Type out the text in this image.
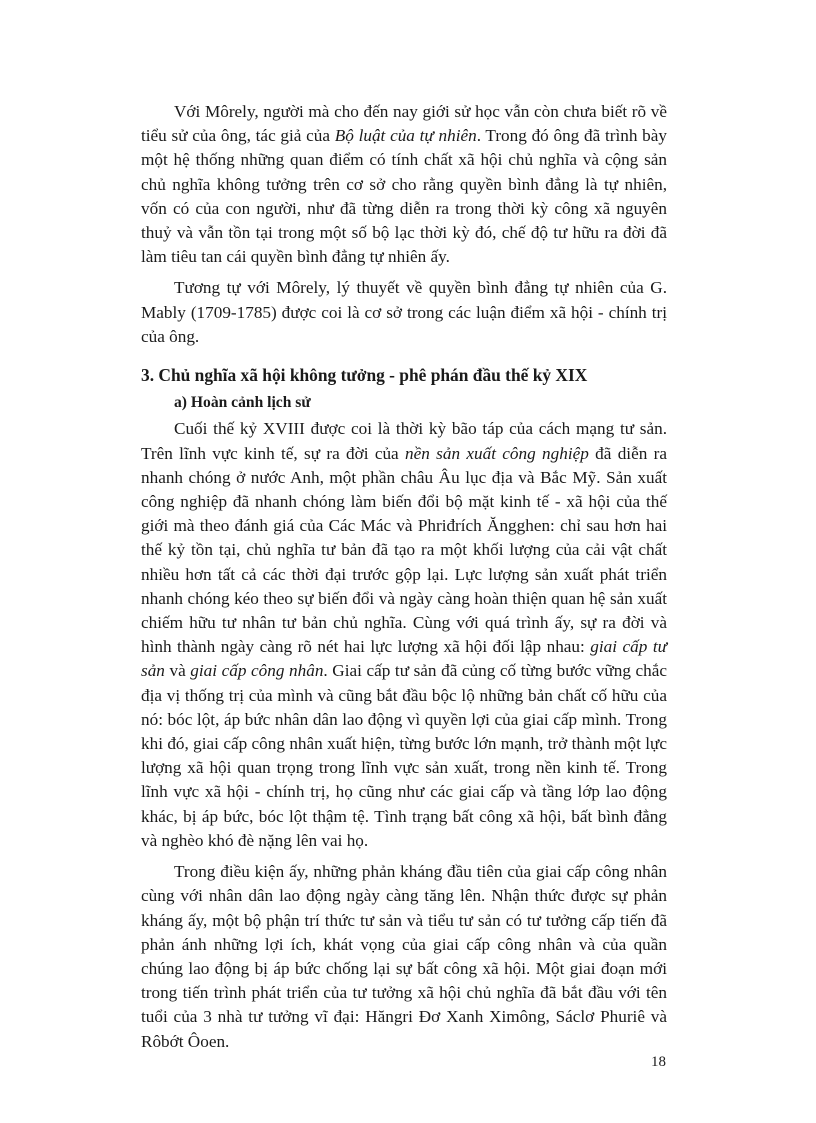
Với Môrely, người mà cho đến nay giới sử học vẫn còn chưa biết rõ về tiểu sử của ông, tác giả của Bộ luật của tự nhiên. Trong đó ông đã trình bày một hệ thống những quan điểm có tính chất xã hội chủ nghĩa và cộng sản chủ nghĩa không tưởng trên cơ sở cho rằng quyền bình đẳng là tự nhiên, vốn có của con người, như đã từng diễn ra trong thời kỳ công xã nguyên thuỷ và vẫn tồn tại trong một số bộ lạc thời kỳ đó, chế độ tư hữu ra đời đã làm tiêu tan cái quyền bình đẳng tự nhiên ấy.

Tương tự với Môrely, lý thuyết về quyền bình đẳng tự nhiên của G. Mably (1709-1785) được coi là cơ sở trong các luận điểm xã hội - chính trị của ông.

3. Chủ nghĩa xã hội không tưởng - phê phán đầu thế kỷ XIX

a) Hoàn cảnh lịch sử

Cuối thế kỷ XVIII được coi là thời kỳ bão táp của cách mạng tư sản. Trên lĩnh vực kinh tế, sự ra đời của nền sản xuất công nghiệp đã diễn ra nhanh chóng ở nước Anh, một phần châu Âu lục địa và Bắc Mỹ. Sản xuất công nghiệp đã nhanh chóng làm biến đổi bộ mặt kinh tế - xã hội của thế giới mà theo đánh giá của Các Mác và Phriđrích Ăngghen: chỉ sau hơn hai thế kỷ tồn tại, chủ nghĩa tư bản đã tạo ra một khối lượng của cải vật chất nhiều hơn tất cả các thời đại trước gộp lại. Lực lượng sản xuất phát triển nhanh chóng kéo theo sự biến đổi và ngày càng hoàn thiện quan hệ sản xuất chiếm hữu tư nhân tư bản chủ nghĩa. Cùng với quá trình ấy, sự ra đời và hình thành ngày càng rõ nét hai lực lượng xã hội đối lập nhau: giai cấp tư sản và giai cấp công nhân. Giai cấp tư sản đã củng cố từng bước vững chắc địa vị thống trị của mình và cũng bắt đầu bộc lộ những bản chất cố hữu của nó: bóc lột, áp bức nhân dân lao động vì quyền lợi của giai cấp mình. Trong khi đó, giai cấp công nhân xuất hiện, từng bước lớn mạnh, trở thành một lực lượng xã hội quan trọng trong lĩnh vực sản xuất, trong nền kinh tế. Trong lĩnh vực xã hội - chính trị, họ cũng như các giai cấp và tầng lớp lao động khác, bị áp bức, bóc lột thậm tệ. Tình trạng bất công xã hội, bất bình đẳng và nghèo khó đè nặng lên vai họ.

Trong điều kiện ấy, những phản kháng đầu tiên của giai cấp công nhân cùng với nhân dân lao động ngày càng tăng lên. Nhận thức được sự phản kháng ấy, một bộ phận trí thức tư sản và tiểu tư sản có tư tưởng cấp tiến đã phản ánh những lợi ích, khát vọng của giai cấp công nhân và của quần chúng lao động bị áp bức chống lại sự bất công xã hội. Một giai đoạn mới trong tiến trình phát triển của tư tưởng xã hội chủ nghĩa đã bắt đầu với tên tuổi của 3 nhà tư tưởng vĩ đại: Hăngri Đơ Xanh Ximông, Sáclơ Phuriê và Rôbớt Ôoen.

18
